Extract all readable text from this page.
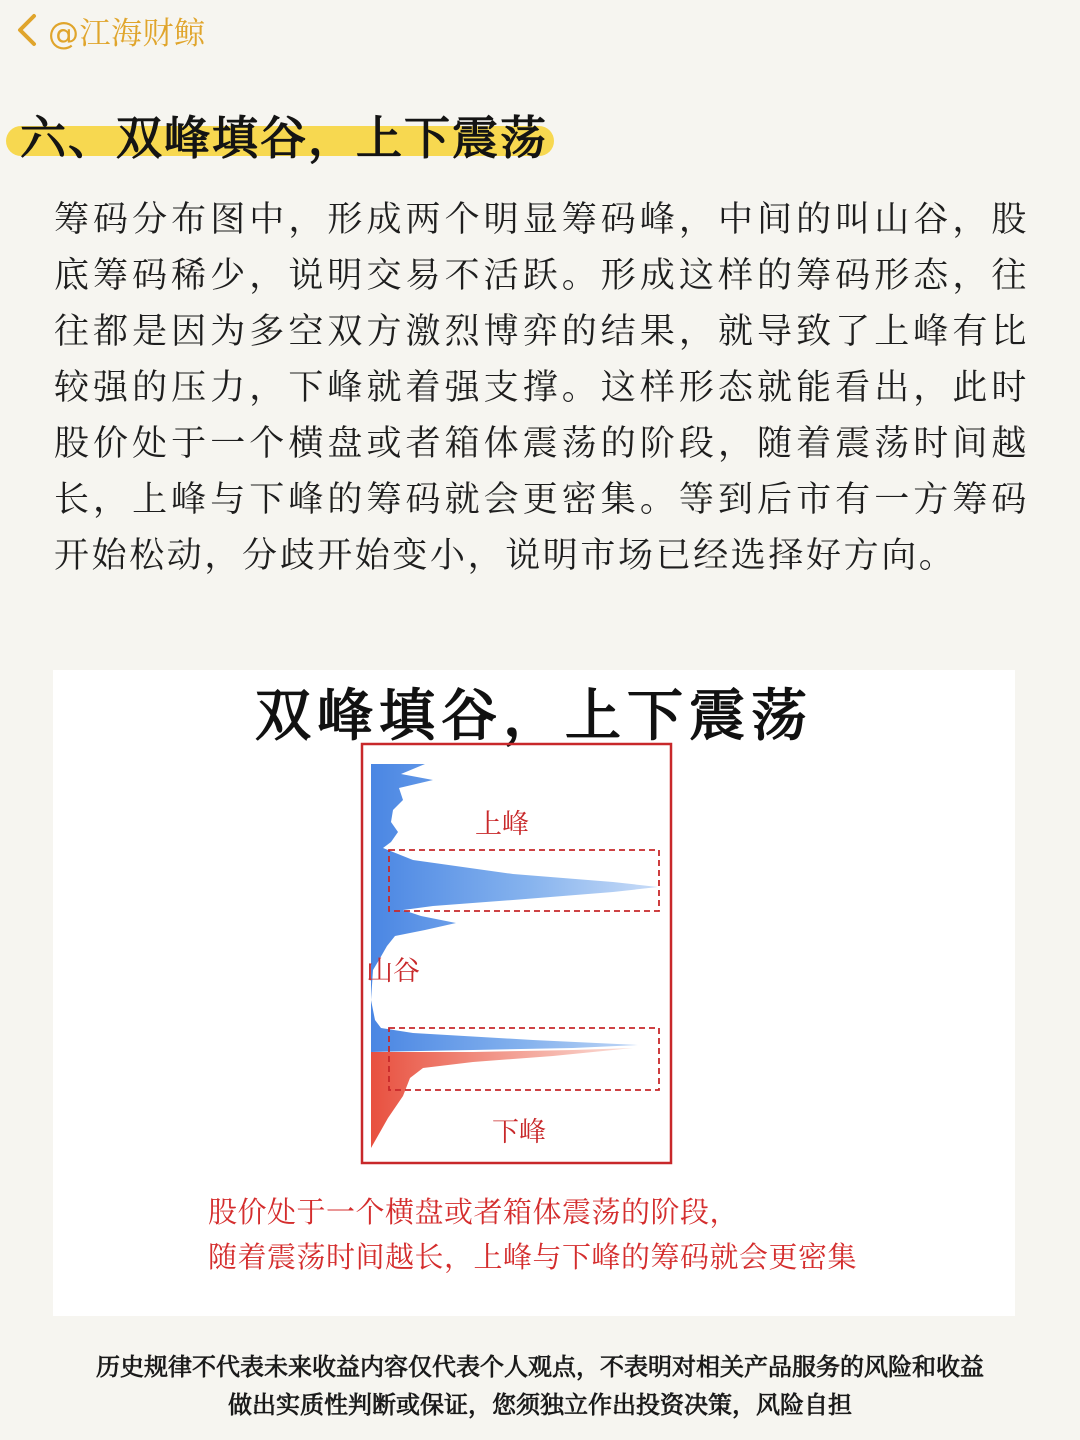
@江海财鲸
六、双峰填谷，上下震荡

筹码分布图中，形成两个明显筹码峰，中间的叫山谷，股底筹码稀少，说明交易不活跃。形成这样的筹码形态，往往都是因为多空双方激烈博弈的结果，就导致了上峰有比较强的压力，下峰就着强支撑。这样形态就能看出，此时股价处于一个横盘或者箱体震荡的阶段，随着震荡时间越长，上峰与下峰的筹码就会更密集。等到后市有一方筹码开始松动，分歧开始变小，说明市场已经选择好方向。

双峰填谷，上下震荡
上峰
山谷
下峰
股价处于一个横盘或者箱体震荡的阶段，
随着震荡时间越长，上峰与下峰的筹码就会更密集
历史规律不代表未来收益内容仅代表个人观点，不表明对相关产品服务的风险和收益
做出实质性判断或保证，您须独立作出投资决策，风险自担
